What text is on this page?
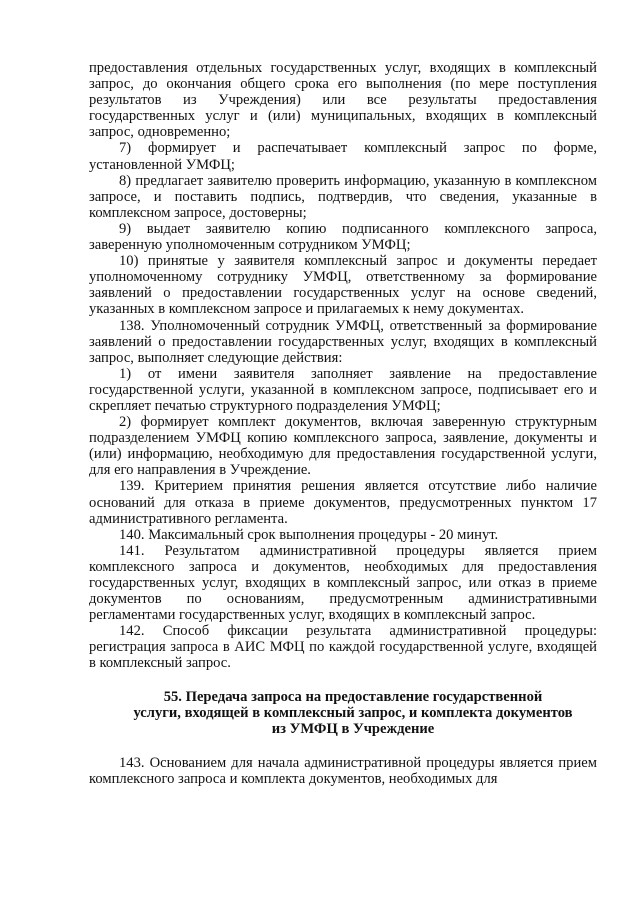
предоставления отдельных государственных услуг, входящих в комплексный запрос, до окончания общего срока его выполнения (по мере поступления результатов из Учреждения) или все результаты предоставления государственных услуг и (или) муниципальных, входящих в комплексный запрос, одновременно;

7) формирует и распечатывает комплексный запрос по форме, установленной УМФЦ;

8) предлагает заявителю проверить информацию, указанную в комплексном запросе, и поставить подпись, подтвердив, что сведения, указанные в комплексном запросе, достоверны;

9) выдает заявителю копию подписанного комплексного запроса, заверенную уполномоченным сотрудником УМФЦ;

10) принятые у заявителя комплексный запрос и документы передает уполномоченному сотруднику УМФЦ, ответственному за формирование заявлений о предоставлении государственных услуг на основе сведений, указанных в комплексном запросе и прилагаемых к нему документах.

138. Уполномоченный сотрудник УМФЦ, ответственный за формирование заявлений о предоставлении государственных услуг, входящих в комплексный запрос, выполняет следующие действия:

1) от имени заявителя заполняет заявление на предоставление государственной услуги, указанной в комплексном запросе, подписывает его и скрепляет печатью структурного подразделения УМФЦ;

2) формирует комплект документов, включая заверенную структурным подразделением УМФЦ копию комплексного запроса, заявление, документы и (или) информацию, необходимую для предоставления государственной услуги, для его направления в Учреждение.

139. Критерием принятия решения является отсутствие либо наличие оснований для отказа в приеме документов, предусмотренных пунктом 17 административного регламента.

140. Максимальный срок выполнения процедуры - 20 минут.

141. Результатом административной процедуры является прием комплексного запроса и документов, необходимых для предоставления государственных услуг, входящих в комплексный запрос, или отказ в приеме документов по основаниям, предусмотренным административными регламентами государственных услуг, входящих в комплексный запрос.

142. Способ фиксации результата административной процедуры: регистрация запроса в АИС МФЦ по каждой государственной услуге, входящей в комплексный запрос.

55. Передача запроса на предоставление государственной
услуги, входящей в комплексный запрос, и комплекта документов
из УМФЦ в Учреждение

143. Основанием для начала административной процедуры является прием комплексного запроса и комплекта документов, необходимых для
